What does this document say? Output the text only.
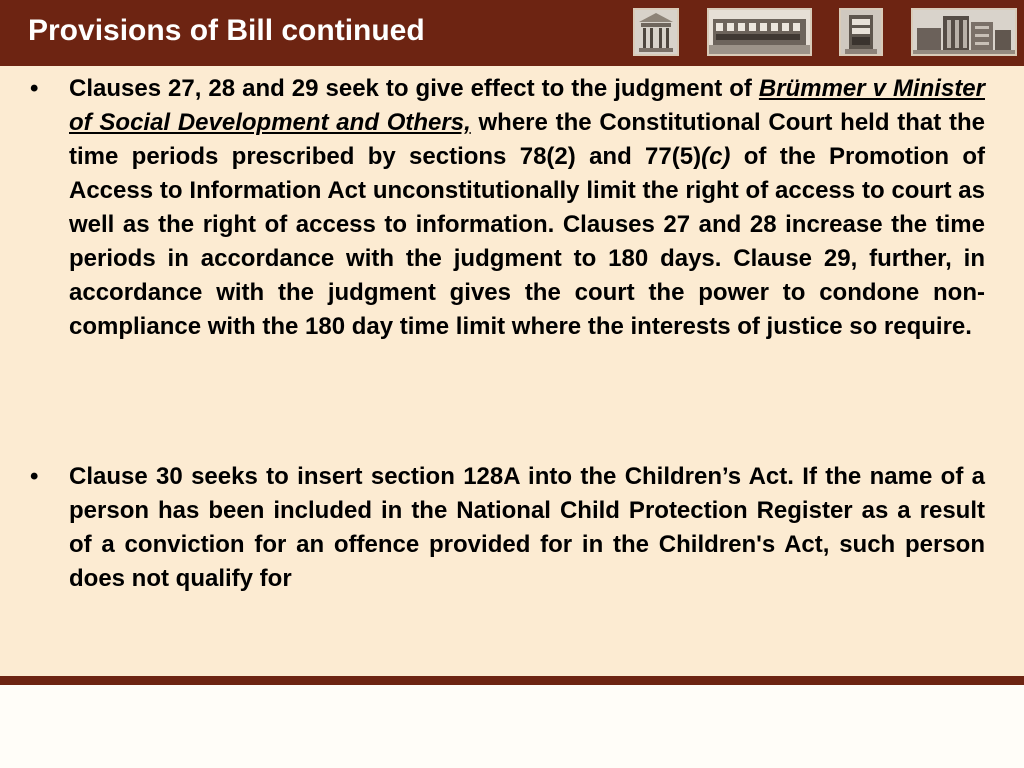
Provisions of Bill continued
• Clauses 27, 28 and 29 seek to give effect to the judgment of Brümmer v Minister of Social Development and Others, where the Constitutional Court held that the time periods prescribed by sections 78(2) and 77(5)(c) of the Promotion of Access to Information Act unconstitutionally limit the right of access to court as well as the right of access to information. Clauses 27 and 28 increase the time periods in accordance with the judgment to 180 days. Clause 29, further, in accordance with the judgment gives the court the power to condone non-compliance with the 180 day time limit where the interests of justice so require.

• Clause 30 seeks to insert section 128A into the Children’s Act. If the name of a person has been included in the National Child Protection Register as a result of a conviction for an offence provided for in the Children's Act, such person does not qualify for
